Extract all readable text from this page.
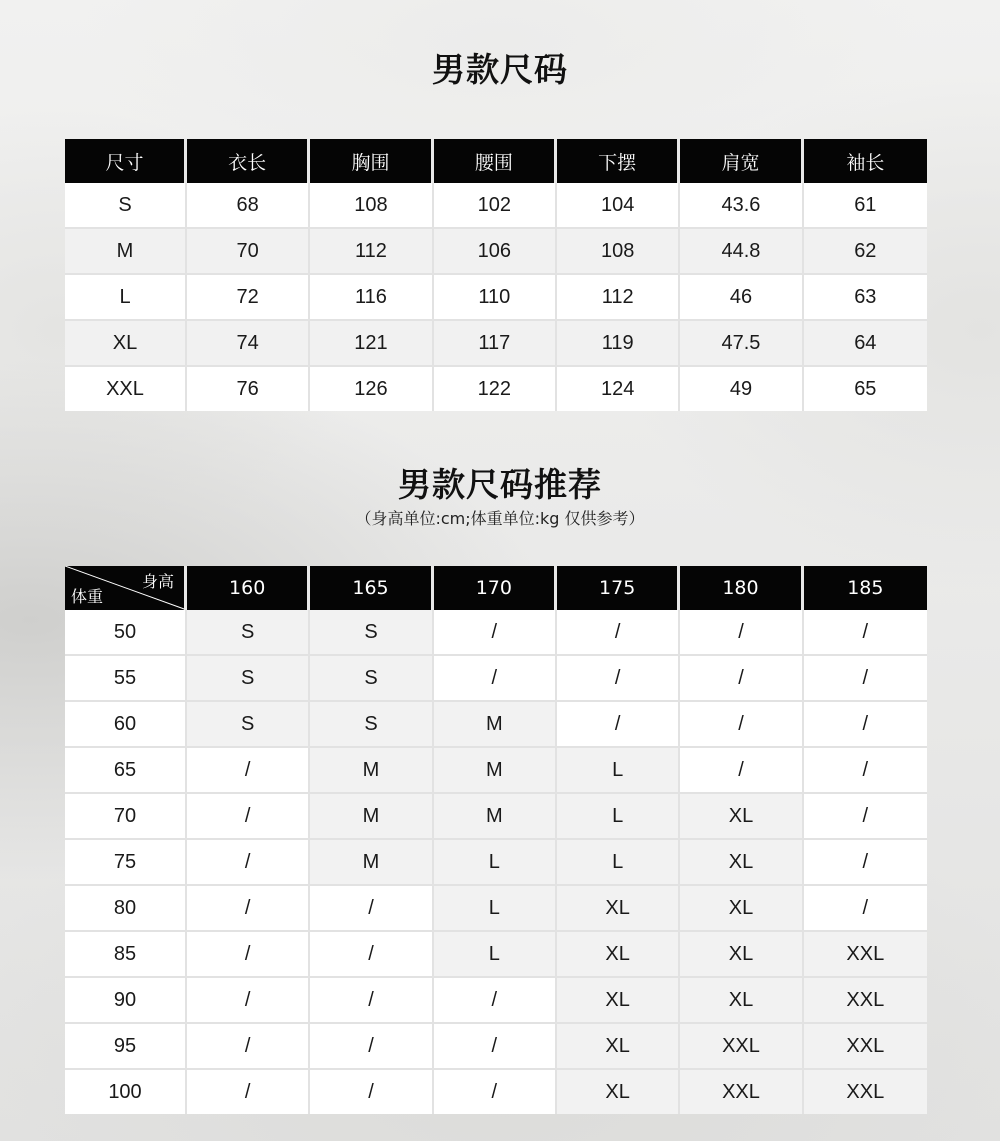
男款尺码
尺寸	衣长	胸围	腰围	下摆	肩宽	袖长
S	68	108	102	104	43.6	61
M	70	112	106	108	44.8	62
L	72	116	110	112	46	63
XL	74	121	117	119	47.5	64
XXL	76	126	122	124	49	65
男款尺码推荐
（身高单位:cm;体重单位:kg 仅供参考）
身高
体重	160	165	170	175	180	185
50	S	S	/	/	/	/
55	S	S	/	/	/	/
60	S	S	M	/	/	/
65	/	M	M	L	/	/
70	/	M	M	L	XL	/
75	/	M	L	L	XL	/
80	/	/	L	XL	XL	/
85	/	/	L	XL	XL	XXL
90	/	/	/	XL	XL	XXL
95	/	/	/	XL	XXL	XXL
100	/	/	/	XL	XXL	XXL
